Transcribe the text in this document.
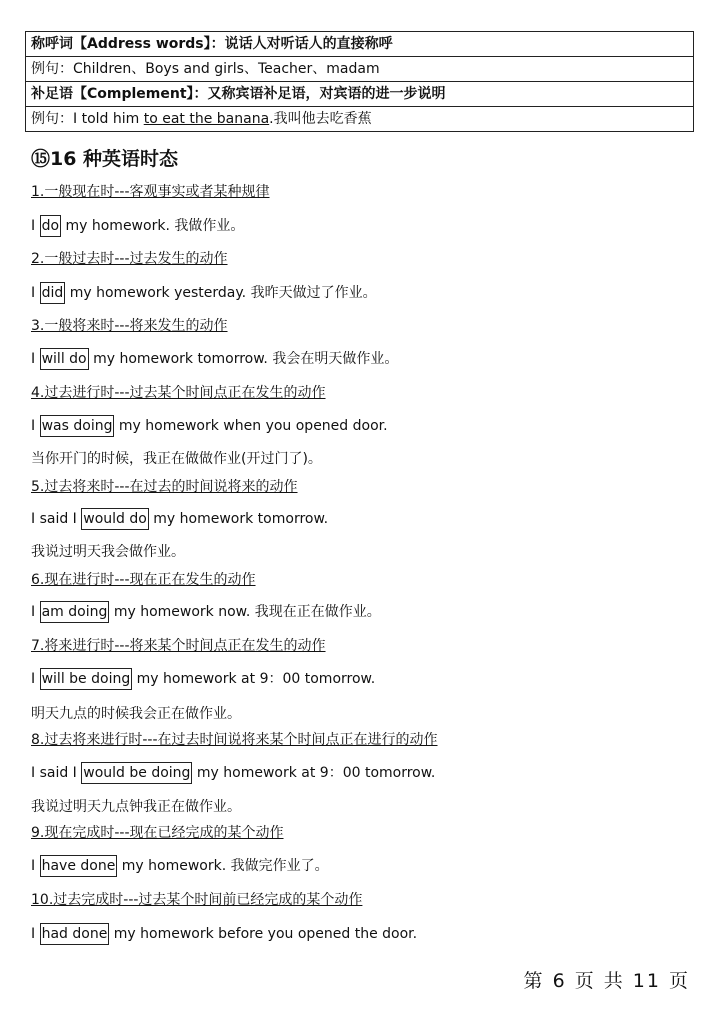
称呼词【Address words】：说话人对听话人的直接称呼
例句：Children、Boys and girls、Teacher、madam
补足语【Complement】：又称宾语补足语，对宾语的进一步说明
例句：I told him to eat the banana.我叫他去吃香蕉
⑮16 种英语时态
1.一般现在时---客观事实或者某种规律
I do my homework. 我做作业。
2.一般过去时---过去发生的动作
I did my homework yesterday. 我昨天做过了作业。
3.一般将来时---将来发生的动作
I will do my homework tomorrow. 我会在明天做作业。
4.过去进行时---过去某个时间点正在发生的动作
I was doing my homework when you opened door.
当你开门的时候，我正在做做作业(开过门了)。
5.过去将来时---在过去的时间说将来的动作
I said I would do my homework tomorrow.
我说过明天我会做作业。
6.现在进行时---现在正在发生的动作
I am doing my homework now. 我现在正在做作业。
7.将来进行时---将来某个时间点正在发生的动作
I will be doing my homework at 9：00 tomorrow.
明天九点的时候我会正在做作业。
8.过去将来进行时---在过去时间说将来某个时间点正在进行的动作
I said I would be doing my homework at 9：00 tomorrow.
我说过明天九点钟我正在做作业。
9.现在完成时---现在已经完成的某个动作
I have done my homework. 我做完作业了。
10.过去完成时---过去某个时间前已经完成的某个动作
I had done my homework before you opened the door.
第 6 页 共 11 页
